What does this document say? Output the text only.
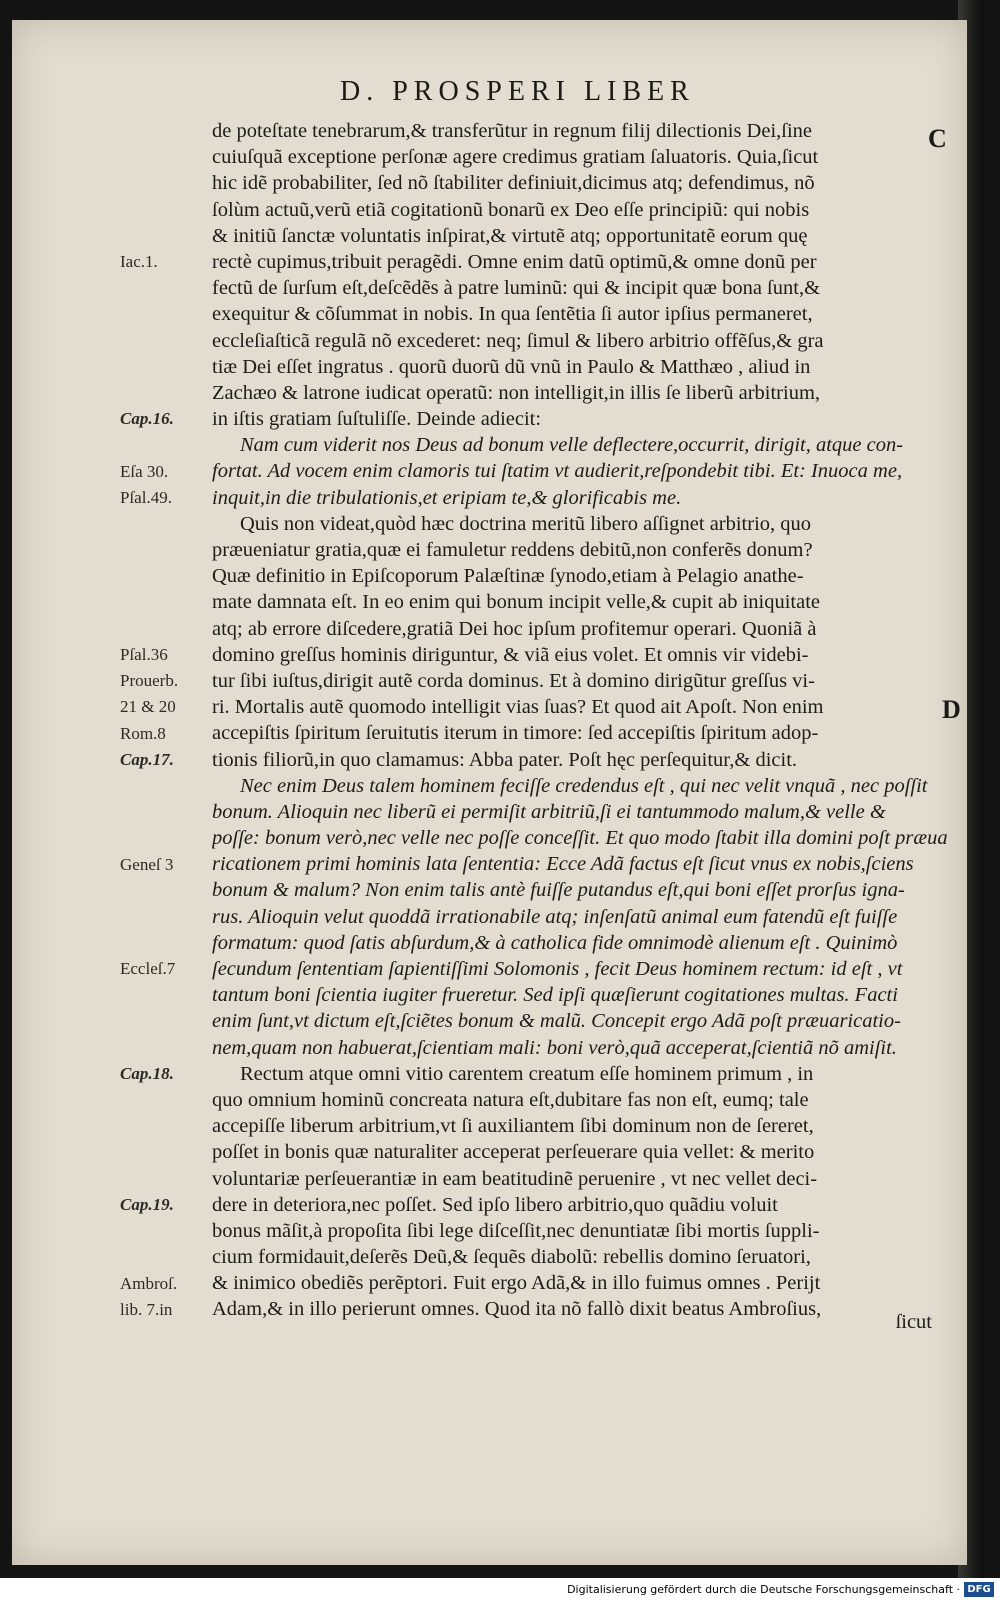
D. PROSPERI LIBER
C
D
de poteſtate tenebrarum,& transferũtur in regnum filij dilectionis Dei,ſine
cuiuſquã exceptione perſonæ agere credimus gratiam ſaluatoris. Quia,ſicut
hic idẽ probabiliter, ſed nõ ſtabiliter definiuit,dicimus atq; defendimus, nõ
ſolùm actuũ,verũ etiã cogitationũ bonarũ ex Deo eſſe principiũ: qui nobis
& initiũ ſanctæ voluntatis inſpirat,& virtutẽ atq; opportunitatẽ eorum quę
rectè cupimus,tribuit peragẽdi. Omne enim datũ optimũ,& omne donũ per
fectũ de ſurſum eſt,deſcẽdẽs à patre luminũ: qui & incipit quæ bona ſunt,&
exequitur & cõſummat in nobis. In qua ſentẽtia ſi autor ipſius permaneret,
eccleſiaſticã regulã nõ excederet: neq; ſimul & libero arbitrio offẽſus,& gra
tiæ Dei eſſet ingratus . quorũ duorũ dũ vnũ in Paulo & Matthæo , aliud in
Zachæo & latrone iudicat operatũ: non intelligit,in illis ſe liberũ arbitrium,
in iſtis gratiam ſuſtuliſſe. Deinde adiecit:
Nam cum viderit nos Deus ad bonum velle deflectere,occurrit, dirigit, atque con-
fortat. Ad vocem enim clamoris tui ſtatim vt audierit,reſpondebit tibi. Et: Inuoca me,
inquit,in die tribulationis,et eripiam te,& glorificabis me.
Quis non videat,quòd hæc doctrina meritũ libero aſſignet arbitrio, quo
præueniatur gratia,quæ ei famuletur reddens debitũ,non conferẽs donum?
Quæ definitio in Epiſcoporum Palæſtinæ ſynodo,etiam à Pelagio anathe-
mate damnata eſt. In eo enim qui bonum incipit velle,& cupit ab iniquitate
atq; ab errore diſcedere,gratiã Dei hoc ipſum profitemur operari. Quoniã à
domino greſſus hominis diriguntur, & viã eius volet. Et omnis vir videbi-
tur ſibi iuſtus,dirigit autẽ corda dominus. Et à domino dirigũtur greſſus vi-
ri. Mortalis autẽ quomodo intelligit vias ſuas? Et quod ait Apoſt. Non enim
accepiſtis ſpiritum ſeruitutis iterum in timore: ſed accepiſtis ſpiritum adop-
tionis filiorũ,in quo clamamus: Abba pater. Poſt hęc perſequitur,& dicit.
Nec enim Deus talem hominem feciſſe credendus eſt , qui nec velit vnquã , nec poſſit
bonum. Alioquin nec liberũ ei permiſit arbitriũ,ſi ei tantummodo malum,& velle &
poſſe: bonum verò,nec velle nec poſſe conceſſit. Et quo modo ſtabit illa domini poſt præua
ricationem primi hominis lata ſententia: Ecce Adã factus eſt ſicut vnus ex nobis,ſciens
bonum & malum? Non enim talis antè fuiſſe putandus eſt,qui boni eſſet prorſus igna-
rus. Alioquin velut quoddã irrationabile atq; inſenſatũ animal eum fatendũ eſt fuiſſe
formatum: quod ſatis abſurdum,& à catholica fide omnimodè alienum eſt . Quinimò
ſecundum ſententiam ſapientiſſimi Solomonis , fecit Deus hominem rectum: id eſt , vt
tantum boni ſcientia iugiter frueretur. Sed ipſi quæſierunt cogitationes multas. Facti
enim ſunt,vt dictum eſt,ſciẽtes bonum & malũ. Concepit ergo Adã poſt præuaricatio-
nem,quam non habuerat,ſcientiam mali: boni verò,quã acceperat,ſcientiã nõ amiſit.
Rectum atque omni vitio carentem creatum eſſe hominem primum , in
quo omnium hominũ concreata natura eſt,dubitare fas non eſt, eumq; tale
accepiſſe liberum arbitrium,vt ſi auxiliantem ſibi dominum non de ſereret,
poſſet in bonis quæ naturaliter acceperat perſeuerare quia vellet: & merito
voluntariæ perſeuerantiæ in eam beatitudinẽ peruenire , vt nec vellet deci-
dere in deteriora,nec poſſet. Sed ipſo libero arbitrio,quo quãdiu voluit
bonus mãſit,à propoſita ſibi lege diſceſſit,nec denuntiatæ ſibi mortis ſuppli-
cium formidauit,deſerẽs Deũ,& ſequẽs diabolũ: rebellis domino ſeruatori,
& inimico obediẽs perẽptori. Fuit ergo Adã,& in illo fuimus omnes . Perijt
Adam,& in illo perierunt omnes. Quod ita nõ fallò dixit beatus Ambroſius,
ſicut
Iac.1.
Cap.16.
Eſa 30.
Pſal.49.
Pſal.36
Prouerb.
21 & 20
Rom.8
Cap.17.
Geneſ 3
Eccleſ.7
Cap.18.
Cap.19.
Ambroſ.
lib. 7.in
Digitalisierung gefördert durch die Deutsche Forschungsgemeinschaft · DFG
